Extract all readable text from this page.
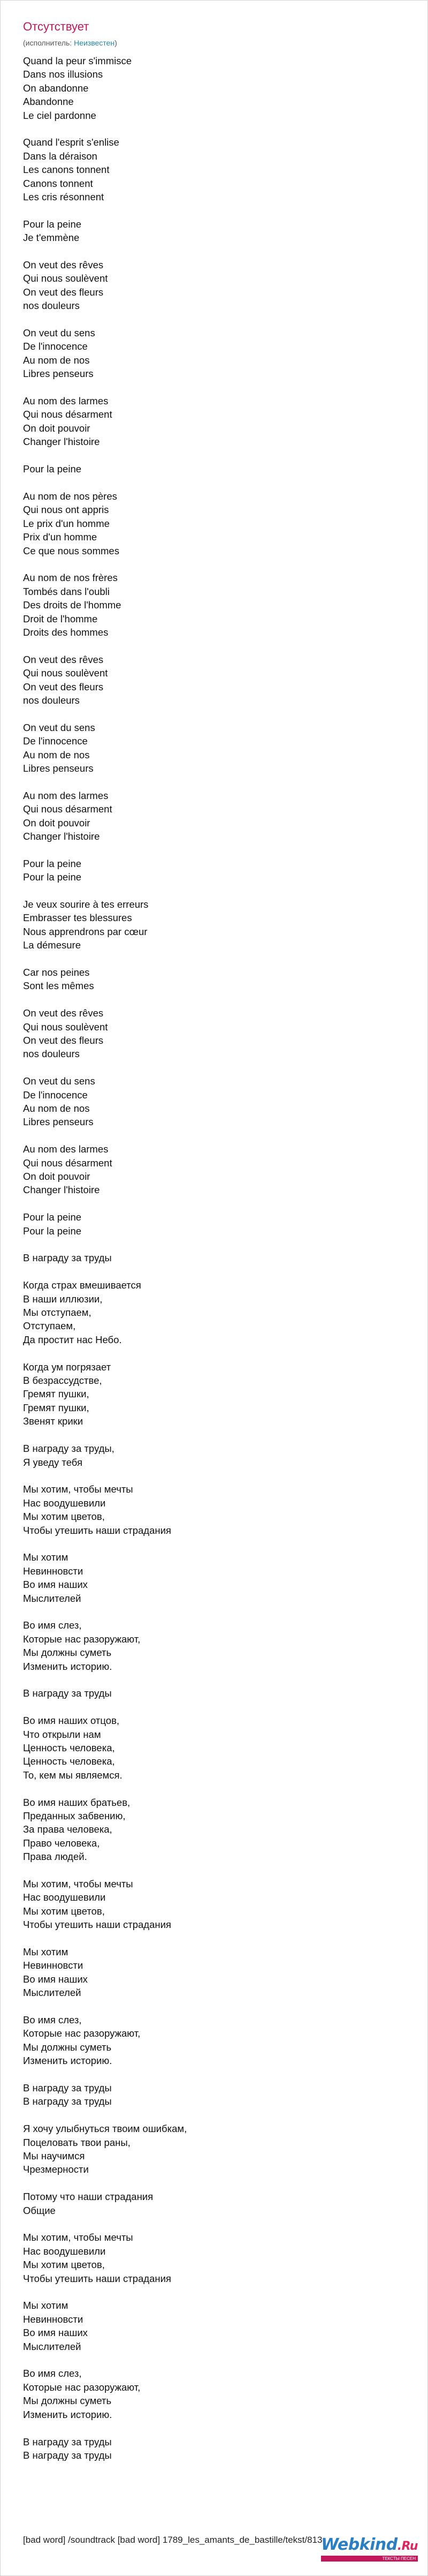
Отсутствует
(исполнитель: Неизвестен)
Quand la peur s'immisce
Dans nos illusions
On abandonne
Abandonne
Le ciel pardonne
Quand l'esprit s'enlise
Dans la déraison
Les canons tonnent
Canons tonnent
Les cris résonnent
Pour la peine
Je t'emmène
On veut des rêves
Qui nous soulèvent
On veut des fleurs
nos douleurs
On veut du sens
De l'innocence
Au nom de nos
Libres penseurs
Au nom des larmes
Qui nous désarment
On doit pouvoir
Changer l'histoire
Pour la peine
Au nom de nos pères
Qui nous ont appris
Le prix d'un homme
Prix d'un homme
Ce que nous sommes
Au nom de nos frères
Tombés dans l'oubli
Des droits de l'homme
Droit de l'homme
Droits des hommes
On veut des rêves
Qui nous soulèvent
On veut des fleurs
nos douleurs
On veut du sens
De l'innocence
Au nom de nos
Libres penseurs
Au nom des larmes
Qui nous désarment
On doit pouvoir
Changer l'histoire
Pour la peine
Pour la peine
Je veux sourire à tes erreurs
Embrasser tes blessures
Nous apprendrons par cœur
La démesure
Car nos peines
Sont les mêmes
On veut des rêves
Qui nous soulèvent
On veut des fleurs
nos douleurs
On veut du sens
De l'innocence
Au nom de nos
Libres penseurs
Au nom des larmes
Qui nous désarment
On doit pouvoir
Changer l'histoire
Pour la peine
Pour la peine
В награду за труды
Когда страх вмешивается
В наши иллюзии,
Мы отступаем,
Отступаем,
Да простит нас Небо.
Когда ум погрязает
В безрассудстве,
Гремят пушки,
Гремят пушки,
Звенят крики
В награду за труды,
Я уведу тебя
Мы хотим, чтобы мечты
Нас воодушевили
Мы хотим цветов,
Чтобы утешить наши страдания
Мы хотим
Невинновсти
Во имя наших
Мыслителей
Во имя слез,
Которые нас разоружают,
Мы должны суметь
Изменить историю.
В награду за труды
Во имя наших отцов,
Что открыли нам
Ценность человека,
Ценность человека,
То, кем мы являемся.
Во имя наших братьев,
Преданных забвению,
За права человека,
Право человека,
Права людей.
Мы хотим, чтобы мечты
Нас воодушевили
Мы хотим цветов,
Чтобы утешить наши страдания
Мы хотим
Невинновсти
Во имя наших
Мыслителей
Во имя слез,
Которые нас разоружают,
Мы должны суметь
Изменить историю.
В награду за труды
В награду за труды
Я хочу улыбнуться твоим ошибкам,
Поцеловать твои раны,
Мы научимся
Чрезмерности
Потому что наши страдания
Общие
Мы хотим, чтобы мечты
Нас воодушевили
Мы хотим цветов,
Чтобы утешить наши страдания
Мы хотим
Невинновсти
Во имя наших
Мыслителей
Во имя слез,
Которые нас разоружают,
Мы должны суметь
Изменить историю.
В награду за труды
В награду за труды
[bad word] /soundtrack [bad word] 1789_les_amants_de_bastille/tekst/813
Webkind.Ru
ТЕКСТЫ ПЕСЕН
